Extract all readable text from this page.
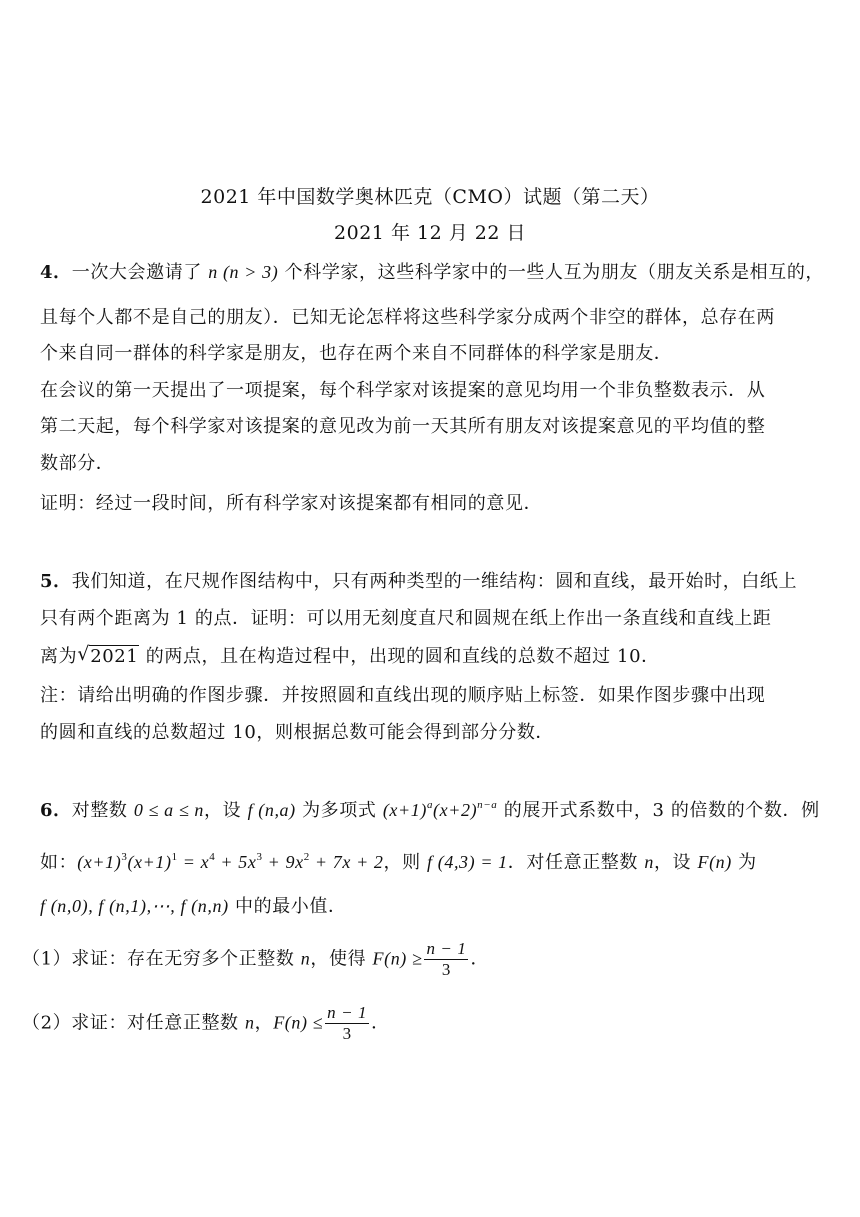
2021 年中国数学奥林匹克（CMO）试题（第二天）
2021 年 12 月 22 日
4．一次大会邀请了 n (n > 3) 个科学家，这些科学家中的一些人互为朋友（朋友关系是相互的，
且每个人都不是自己的朋友）．已知无论怎样将这些科学家分成两个非空的群体，总存在两
个来自同一群体的科学家是朋友，也存在两个来自不同群体的科学家是朋友．
在会议的第一天提出了一项提案，每个科学家对该提案的意见均用一个非负整数表示．从
第二天起，每个科学家对该提案的意见改为前一天其所有朋友对该提案意见的平均值的整
数部分．
证明：经过一段时间，所有科学家对该提案都有相同的意见．
5．我们知道，在尺规作图结构中，只有两种类型的一维结构：圆和直线，最开始时，白纸上
只有两个距离为 1 的点．证明：可以用无刻度直尺和圆规在纸上作出一条直线和直线上距
离为√ 2021 的两点，且在构造过程中，出现的圆和直线的总数不超过 10．
注：请给出明确的作图步骤．并按照圆和直线出现的顺序贴上标签．如果作图步骤中出现
的圆和直线的总数超过 10，则根据总数可能会得到部分分数．
6．对整数 0 ≤ a ≤ n，设 f (n,a) 为多项式 $(x+1)^a(x+2)^{n-a}$ 的展开式系数中，3 的倍数的个数．例
如：$(x+1)^3(x+1)^1 = x^4 + 5x^3 + 9x^2 + 7x + 2$，则 f (4,3) = 1．对任意正整数 n，设 F(n) 为
f (n,0), f (n,1),⋯, f (n,n) 中的最小值．
（1）求证：存在无穷多个正整数 n，使得 $F(n) \ge \frac{n - 1}{3}$ ．
（2）求证：对任意正整数 n，$F(n) \le \frac{n - 1}{3}$ ．
